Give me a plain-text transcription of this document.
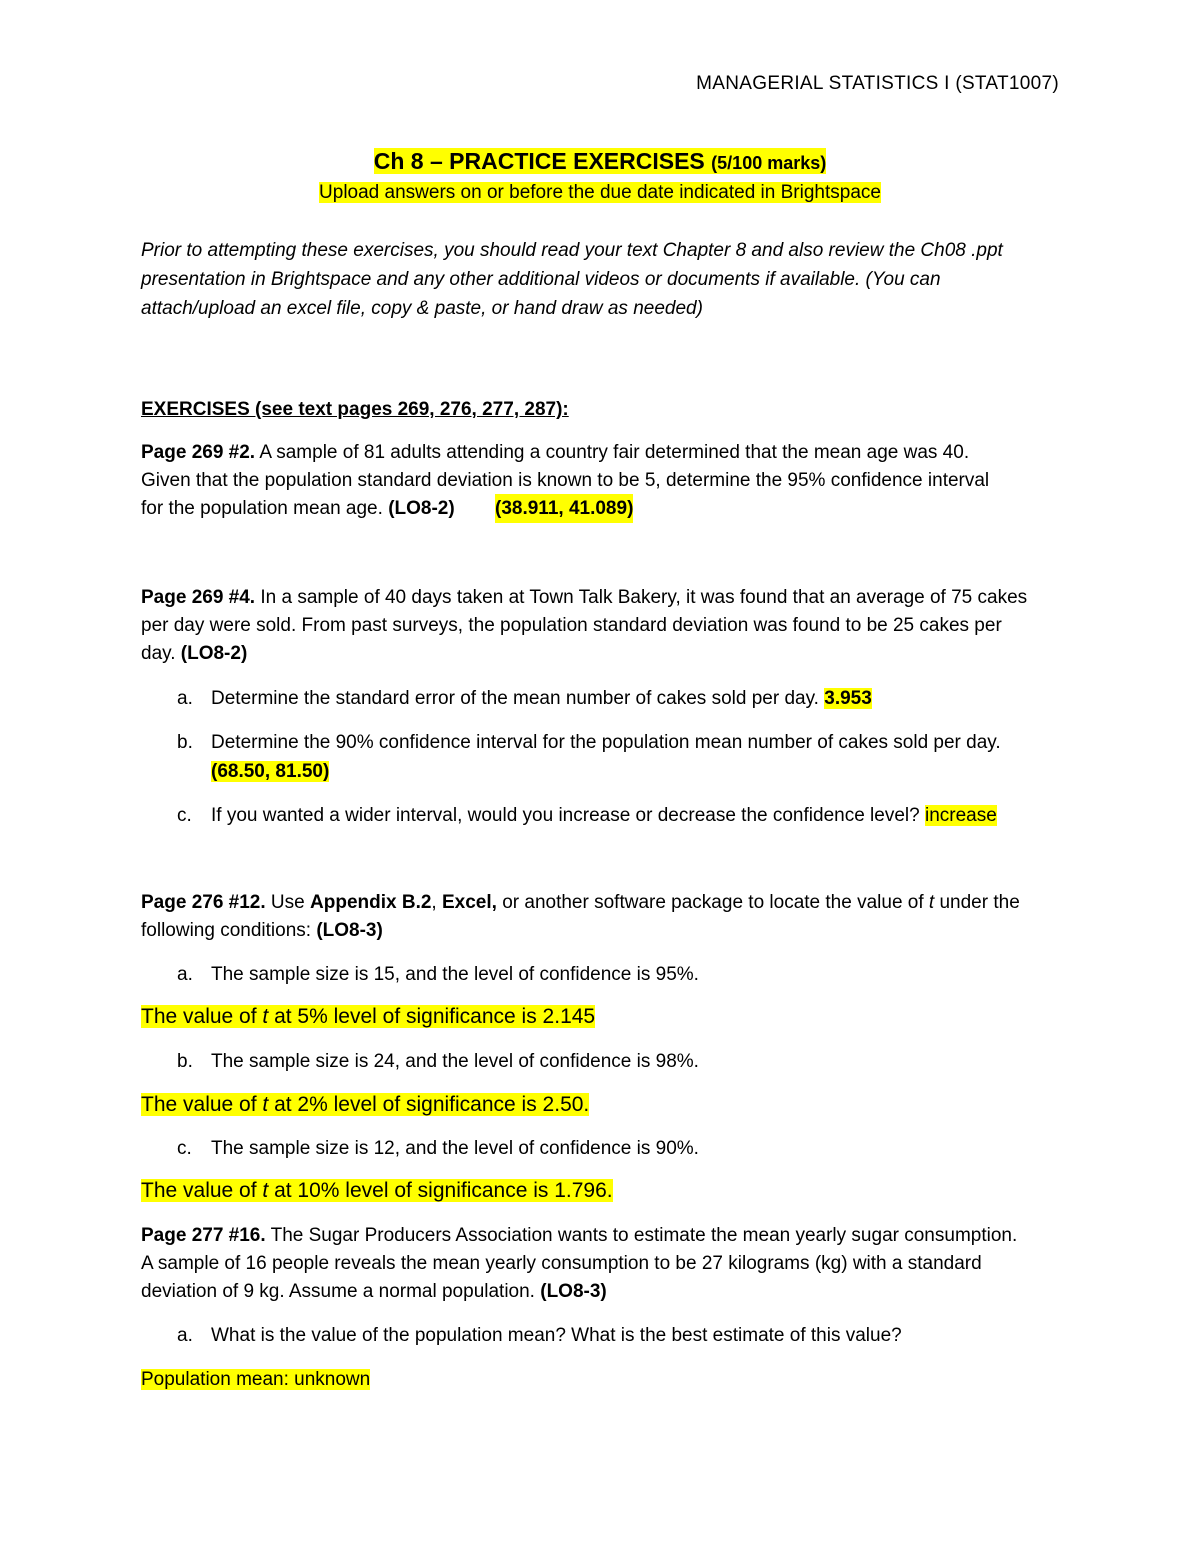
MANAGERIAL STATISTICS I (STAT1007)
Ch 8 – PRACTICE EXERCISES (5/100 marks)
Upload answers on or before the due date indicated in Brightspace
Prior to attempting these exercises, you should read your text Chapter 8 and also review the Ch08 .ppt
presentation in Brightspace and any other additional videos or documents if available. (You can
attach/upload an excel file, copy & paste, or hand draw as needed)
EXERCISES (see text pages 269, 276, 277, 287):
Page 269 #2. A sample of 81 adults attending a country fair determined that the mean age was 40.
Given that the population standard deviation is known to be 5, determine the 95% confidence interval
for the population mean age. (LO8-2) (38.911, 41.089)
Page 269 #4. In a sample of 40 days taken at Town Talk Bakery, it was found that an average of 75 cakes
per day were sold. From past surveys, the population standard deviation was found to be 25 cakes per
day. (LO8-2)
a. Determine the standard error of the mean number of cakes sold per day. 3.953
b. Determine the 90% confidence interval for the population mean number of cakes sold per day.
(68.50, 81.50)
c. If you wanted a wider interval, would you increase or decrease the confidence level? increase
Page 276 #12. Use Appendix B.2, Excel, or another software package to locate the value of t under the
following conditions: (LO8-3)
a. The sample size is 15, and the level of confidence is 95%.
The value of t at 5% level of significance is 2.145
b. The sample size is 24, and the level of confidence is 98%.
The value of t at 2% level of significance is 2.50.
c. The sample size is 12, and the level of confidence is 90%.
The value of t at 10% level of significance is 1.796.
Page 277 #16. The Sugar Producers Association wants to estimate the mean yearly sugar consumption.
A sample of 16 people reveals the mean yearly consumption to be 27 kilograms (kg) with a standard
deviation of 9 kg. Assume a normal population. (LO8-3)
a. What is the value of the population mean? What is the best estimate of this value?
Population mean: unknown
